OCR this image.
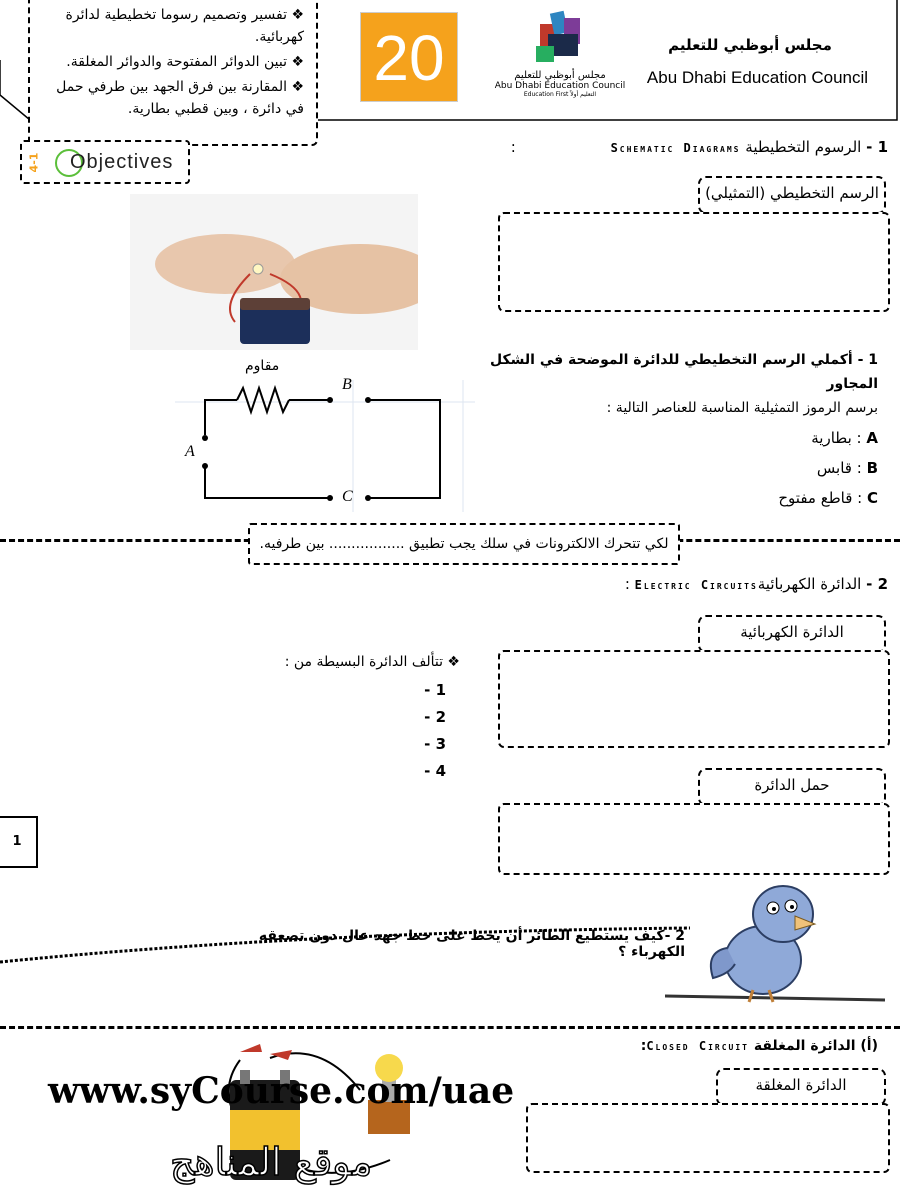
مجلس أبوظبي للتعليم
Abu Dhabi Education Council
مجلس أبوظبي للتعليم
Abu Dhabi Education Council
Education First التعليم أولاً
20
❖ تفسير وتصميم رسوما تخطيطية لدائرة كهربائية.
❖ تبين الدوائر المفتوحة والدوائر المغلقة.
❖ المقارنة بين فرق الجهد بين طرفي حمل في دائرة ، وبين قطبي بطارية.
4-1 Objectives
1 - الرسوم التخطيطية Schematic Diagrams :
الرسم التخطيطي (التمثيلي)
مقاوم
A
B
C
1 - أكملي الرسم التخطيطي للدائرة الموضحة في الشكل المجاور
برسم الرموز التمثيلية المناسبة للعناصر التالية :
A : بطارية
B : قابس
C : قاطع مفتوح
لكي تتحرك الالكترونات في سلك يجب تطبيق ................. بين طرفيه.
2 - الدائرة الكهربائيةElectric Circuits :
الدائرة الكهربائية
❖ تتألف الدائرة البسيطة من :
1 -
2 -
3 -
4 -
حمل الدائرة
1
2 -كيف يستطيع الطائر أن يحط على خط جهد عال دون تصعقه الكهرباء ؟
(أ) الدائرة المغلقة Closed Circuit:
الدائرة المغلقة
www.syCourse.com/uae
موقع المناهج
